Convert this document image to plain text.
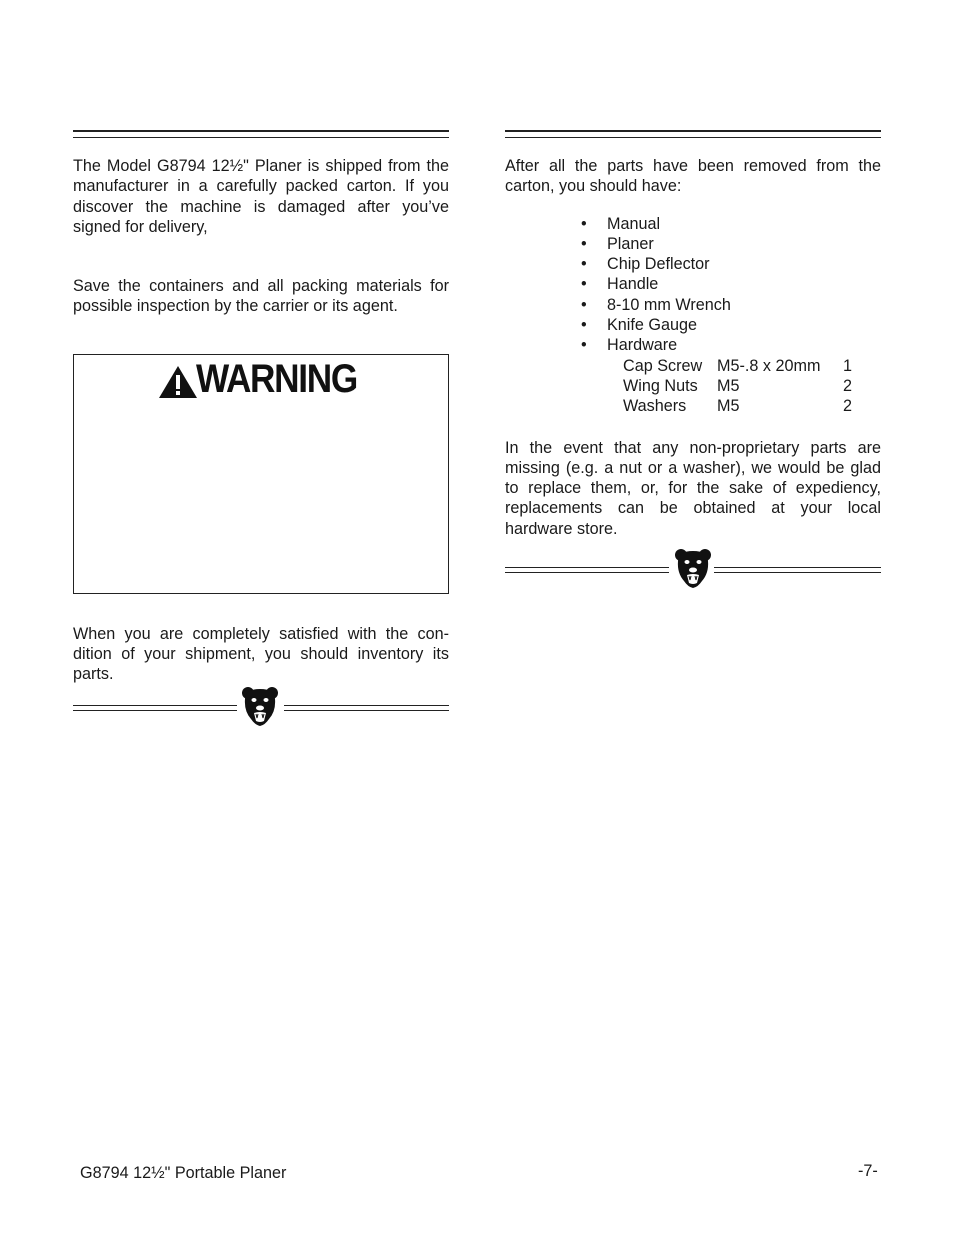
The Model G8794 12½" Planer is shipped from the manufacturer in a carefully packed carton. If you discover the machine is damaged after you’ve signed for delivery,

Save the containers and all packing materials for possible inspection by the carrier or its agent.

WARNING

When you are completely satisfied with the condition of your shipment, you should inventory its parts.

After all the parts have been removed from the carton, you should have:

• Manual
• Planer
• Chip Deflector
• Handle
• 8-10 mm Wrench
• Knife Gauge
• Hardware
Cap Screw	M5-.8 x 20mm	1
Wing Nuts	M5	2
Washers	M5	2

In the event that any non-proprietary parts are missing (e.g. a nut or a washer), we would be glad to replace them, or, for the sake of expediency, replacements can be obtained at your local hardware store.

G8794 12½" Portable Planer	-7-
